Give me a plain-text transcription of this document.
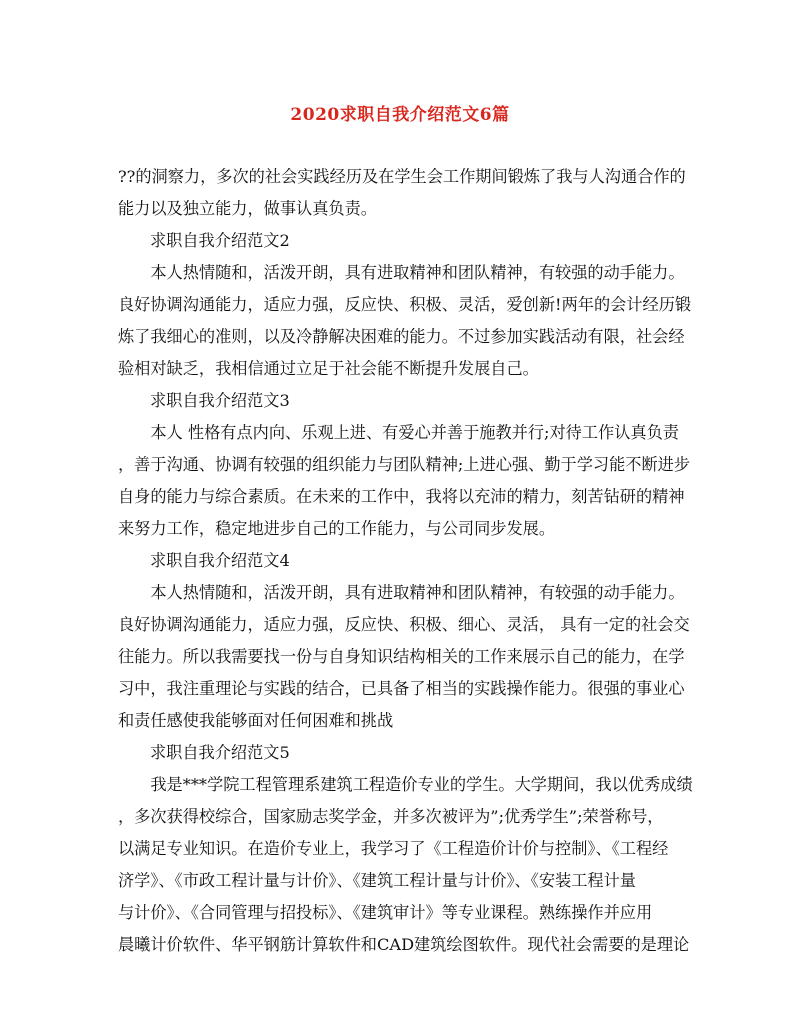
2020求职自我介绍范文6篇
??的洞察力，多次的社会实践经历及在学生会工作期间锻炼了我与人沟通合作的
能力以及独立能力，做事认真负责。
求职自我介绍范文2
　　本人热情随和，活泼开朗，具有进取精神和团队精神，有较强的动手能力。
良好协调沟通能力，适应力强，反应快、积极、灵活，爱创新!两年的会计经历锻
炼了我细心的准则，以及冷静解决困难的能力。不过参加实践活动有限，社会经
验相对缺乏，我相信通过立足于社会能不断提升发展自己。
求职自我介绍范文3
　　本人 性格有点内向、乐观上进、有爱心并善于施教并行;对待工作认真负责
，善于沟通、协调有较强的组织能力与团队精神;上进心强、勤于学习能不断进步
自身的能力与综合素质。在未来的工作中，我将以充沛的精力，刻苦钻研的精神
来努力工作，稳定地进步自己的工作能力，与公司同步发展。
求职自我介绍范文4
　　本人热情随和，活泼开朗，具有进取精神和团队精神，有较强的动手能力。
良好协调沟通能力，适应力强，反应快、积极、细心、灵活， 具有一定的社会交
往能力。所以我需要找一份与自身知识结构相关的工作来展示自己的能力，在学
习中，我注重理论与实践的结合，已具备了相当的实践操作能力。很强的事业心
和责任感使我能够面对任何困难和挑战
求职自我介绍范文5
　　我是***学院工程管理系建筑工程造价专业的学生。大学期间，我以优秀成绩
，多次获得校综合，国家励志奖学金，并多次被评为”;优秀学生”;荣誉称号，
以满足专业知识。在造价专业上，我学习了《工程造价计价与控制》、《工程经
济学》、《市政工程计量与计价》、《建筑工程计量与计价》、《安装工程计量
与计价》、《合同管理与招投标》、《建筑审计》等专业课程。熟练操作并应用
晨曦计价软件、华平钢筋计算软件和CAD建筑绘图软件。现代社会需要的是理论
